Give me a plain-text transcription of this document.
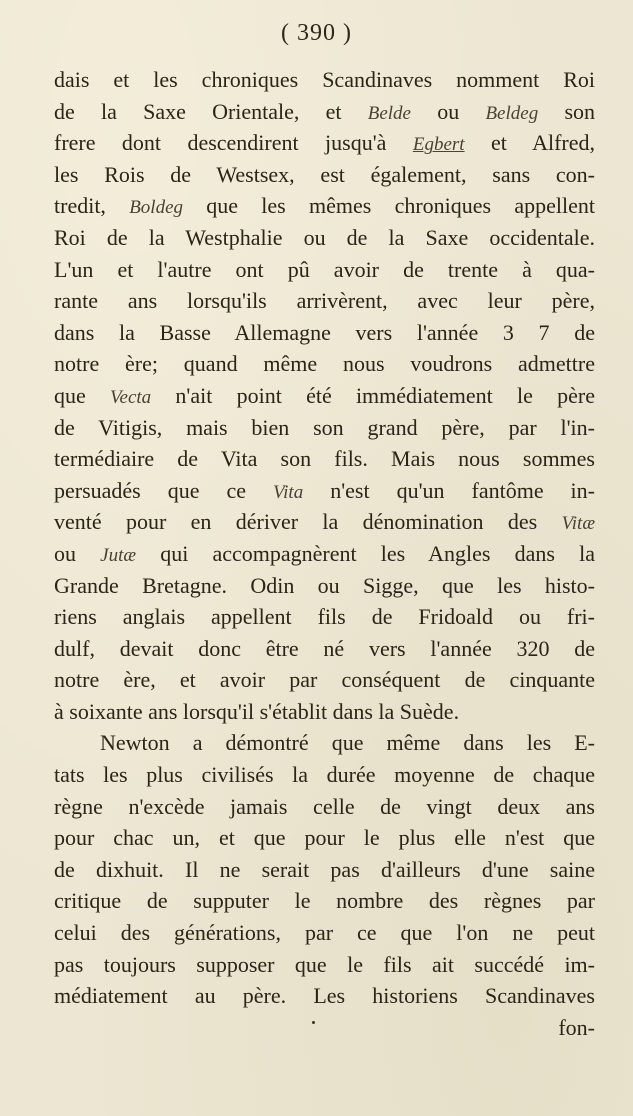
( 390 )
dais et les chroniques Scandinaves nomment Roi
de la Saxe Orientale, et Belde ou Beldeg son
frere dont descendirent jusqu'à Egbert et Alfred,
les Rois de Westsex, est également, sans con-
tredit, Boldeg que les mêmes chroniques appellent
Roi de la Westphalie ou de la Saxe occidentale.
L'un et l'autre ont pû avoir de trente à qua-
rante ans lorsqu'ils arrivèrent, avec leur père,
dans la Basse Allemagne vers l'année 3 7 de
notre ère; quand même nous voudrons admettre
que Vecta n'ait point été immédiatement le père
de Vitigis, mais bien son grand père, par l'in-
termédiaire de Vita son fils. Mais nous sommes
persuadés que ce Vita n'est qu'un fantôme in-
venté pour en dériver la dénomination des Vitæ
ou Jutæ qui accompagnèrent les Angles dans la
Grande Bretagne. Odin ou Sigge, que les histo-
riens anglais appellent fils de Fridoald ou fri-
dulf, devait donc être né vers l'année 320 de
notre ère, et avoir par conséquent de cinquante
à soixante ans lorsqu'il s'établit dans la Suède.
Newton a démontré que même dans les E-
tats les plus civilisés la durée moyenne de chaque
règne n'excède jamais celle de vingt deux ans
pour chac un, et que pour le plus elle n'est que
de dixhuit. Il ne serait pas d'ailleurs d'une saine
critique de supputer le nombre des règnes par
celui des générations, par ce que l'on ne peut
pas toujours supposer que le fils ait succédé im-
médiatement au père. Les historiens Scandinaves
fon-
